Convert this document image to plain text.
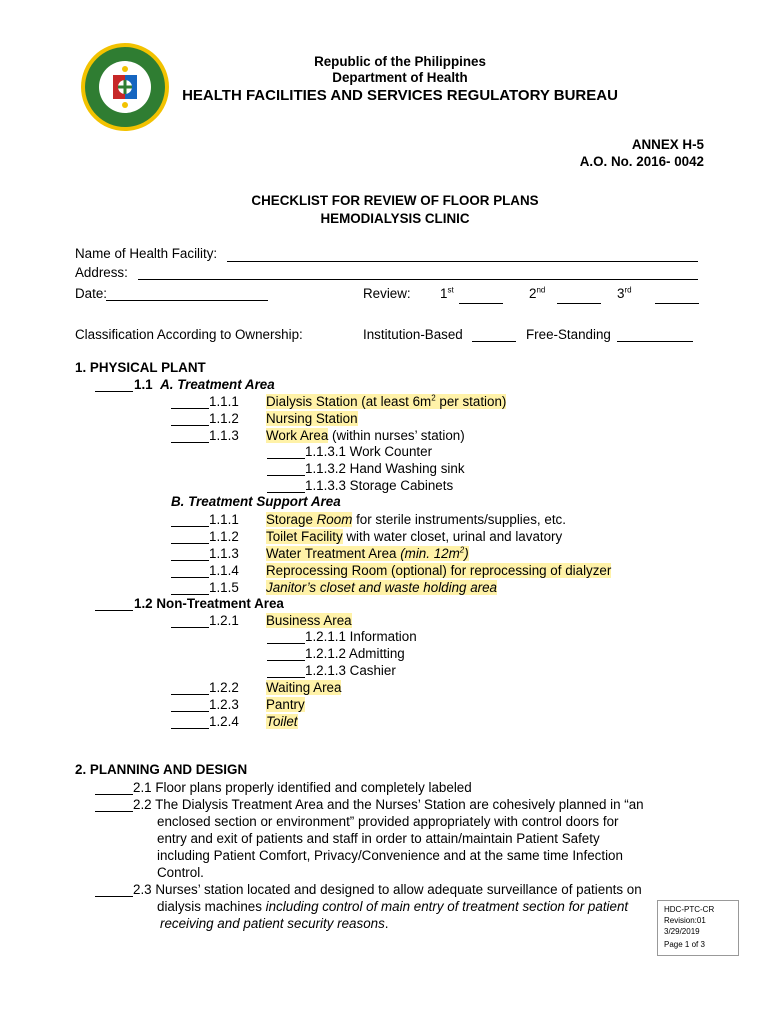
Republic of the Philippines
Department of Health
HEALTH FACILITIES AND SERVICES REGULATORY BUREAU
ANNEX H-5
A.O. No. 2016- 0042
CHECKLIST FOR REVIEW OF FLOOR PLANS
HEMODIALYSIS CLINIC
Name of Health Facility:
Address:
Date:	Review: 1st	2nd	3rd
Classification According to Ownership:	Institution-Based	Free-Standing
1. PHYSICAL PLANT
1.1 A. Treatment Area
1.1.1 Dialysis Station (at least $6m^2$ per station)
1.1.2 Nursing Station
1.1.3 Work Area (within nurses’ station)
1.1.3.1 Work Counter
1.1.3.2 Hand Washing sink
1.1.3.3 Storage Cabinets
B. Treatment Support Area
1.1.1 Storage Room for sterile instruments/supplies, etc.
1.1.2 Toilet Facility with water closet, urinal and lavatory
1.1.3 Water Treatment Area (min. $12m^2$)
1.1.4 Reprocessing Room (optional) for reprocessing of dialyzer
1.1.5 Janitor’s closet and waste holding area
1.2 Non-Treatment Area
1.2.1 Business Area
1.2.1.1 Information
1.2.1.2 Admitting
1.2.1.3 Cashier
1.2.2 Waiting Area
1.2.3 Pantry
1.2.4 Toilet
2. PLANNING AND DESIGN
2.1 Floor plans properly identified and completely labeled
2.2 The Dialysis Treatment Area and the Nurses’ Station are cohesively planned in “an
enclosed section or environment” provided appropriately with control doors for
entry and exit of patients and staff in order to attain/maintain Patient Safety
including Patient Comfort, Privacy/Convenience and at the same time Infection
Control.
2.3 Nurses’ station located and designed to allow adequate surveillance of patients on
dialysis machines including control of main entry of treatment section for patient
receiving and patient security reasons.
HDC-PTC-CR
Revision:01
3/29/2019
Page 1 of 3
